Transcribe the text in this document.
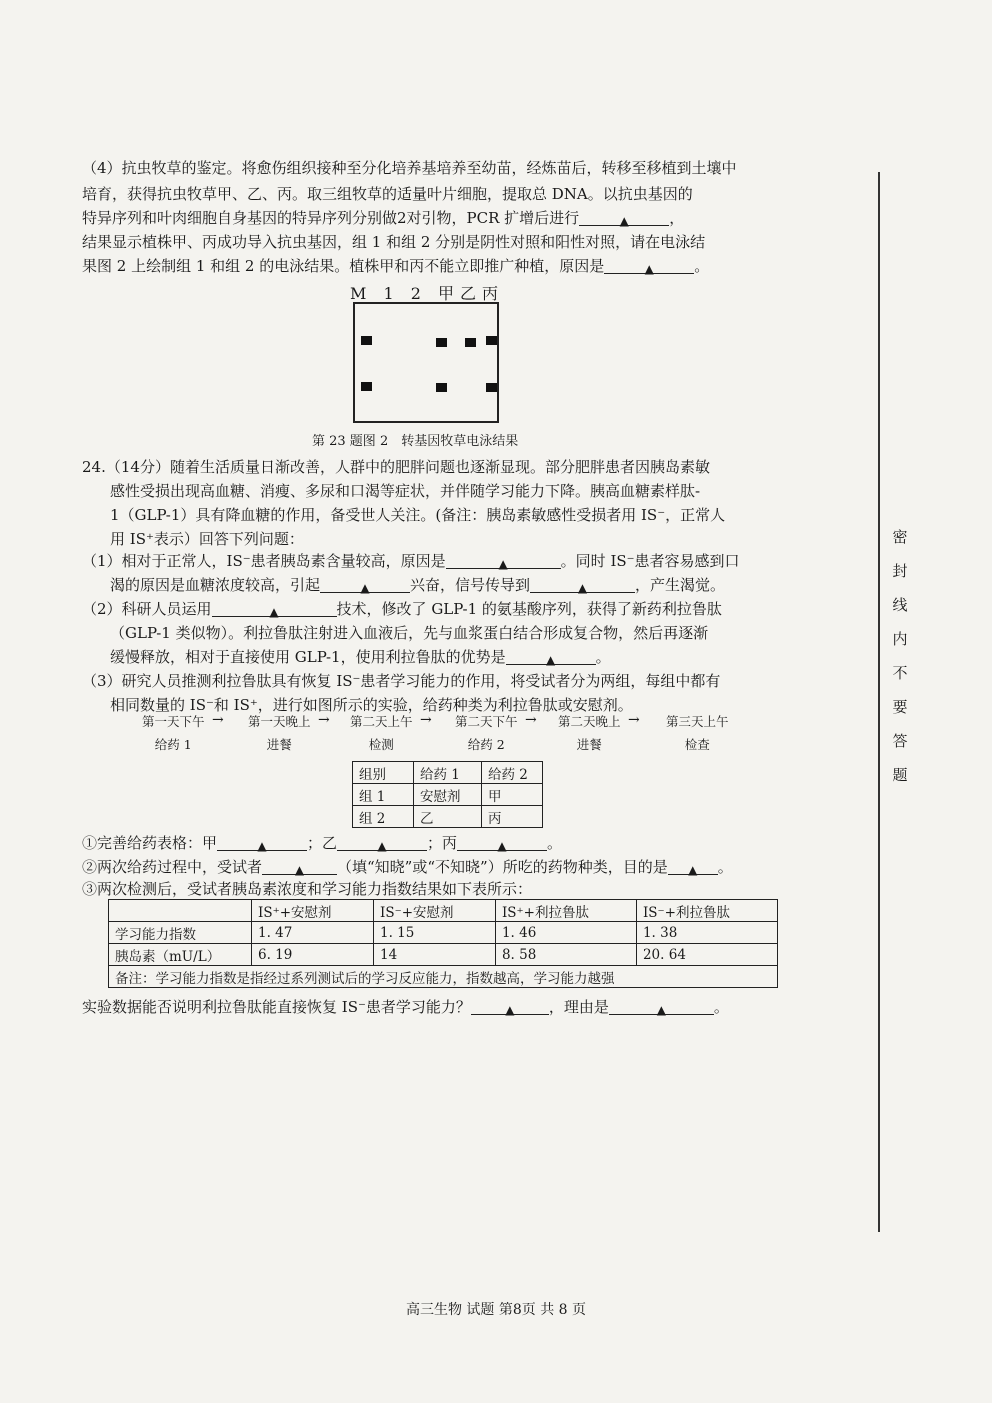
（4）抗虫牧草的鉴定。将愈伤组织接种至分化培养基培养至幼苗，经炼苗后，转移至移植到土壤中

培育，获得抗虫牧草甲、乙、丙。取三组牧草的适量叶片细胞，提取总 DNA。以抗虫基因的

特异序列和叶肉细胞自身基因的特异序列分别做2对引物，PCR 扩增后进行	▲	，

结果显示植株甲、丙成功导入抗虫基因，组 1 和组 2 分别是阴性对照和阳性对照，请在电泳结

果图 2 上绘制组 1 和组 2 的电泳结果。植株甲和丙不能立即推广种植，原因是	▲	。

M 1 2 甲乙丙
第 23 题图 2　转基因牧草电泳结果

24.（14分）随着生活质量日渐改善，人群中的肥胖问题也逐渐显现。部分肥胖患者因胰岛素敏

感性受损出现高血糖、消瘦、多尿和口渴等症状，并伴随学习能力下降。胰高血糖素样肽-

1（GLP-1）具有降血糖的作用，备受世人关注。(备注：胰岛素敏感性受损者用 IS⁻，正常人

用 IS⁺表示）回答下列问题：

（1）相对于正常人，IS⁻患者胰岛素含量较高，原因是	▲	。同时 IS⁻患者容易感到口

渴的原因是血糖浓度较高，引起	▲	兴奋，信号传导到	▲	，产生渴觉。

（2）科研人员运用	▲	技术，修改了 GLP-1 的氨基酸序列，获得了新药利拉鲁肽

（GLP-1 类似物）。利拉鲁肽注射进入血液后，先与血浆蛋白结合形成复合物，然后再逐渐

缓慢释放，相对于直接使用 GLP-1，使用利拉鲁肽的优势是	▲	。

（3）研究人员推测利拉鲁肽具有恢复 IS⁻患者学习能力的作用，将受试者分为两组，每组中都有

相同数量的 IS⁻和 IS⁺，进行如图所示的实验，给药种类为利拉鲁肽或安慰剂。

第一天下午
给药 1
→ 第一天晚上
进餐
→ 第二天上午
检测
→ 第二天下午
给药 2
→ 第二天晚上
进餐
→ 第三天上午
检查
组别	给药 1	给药 2
组 1	安慰剂	甲
组 2	乙	丙

①完善给药表格：甲	▲	；乙	▲	；丙	▲	。

②两次给药过程中，受试者	▲ （填“知晓”或“不知晓”）所吃的药物种类，目的是 ▲ 。

③两次检测后，受试者胰岛素浓度和学习能力指数结果如下表所示：

	IS⁺+安慰剂	IS⁻+安慰剂	IS⁺+利拉鲁肽	IS⁻+利拉鲁肽
学习能力指数	1. 47	1. 15	1. 46	1. 38
胰岛素（mU/L）	6. 19	14	8. 58	20. 64
备注：学习能力指数是指经过系列测试后的学习反应能力，指数越高，学习能力越强				

实验数据能否说明利拉鲁肽能直接恢复 IS⁻患者学习能力？	▲ ，理由是	▲	。

密封线内不要答题
高三生物 试题 第8页 共 8 页
